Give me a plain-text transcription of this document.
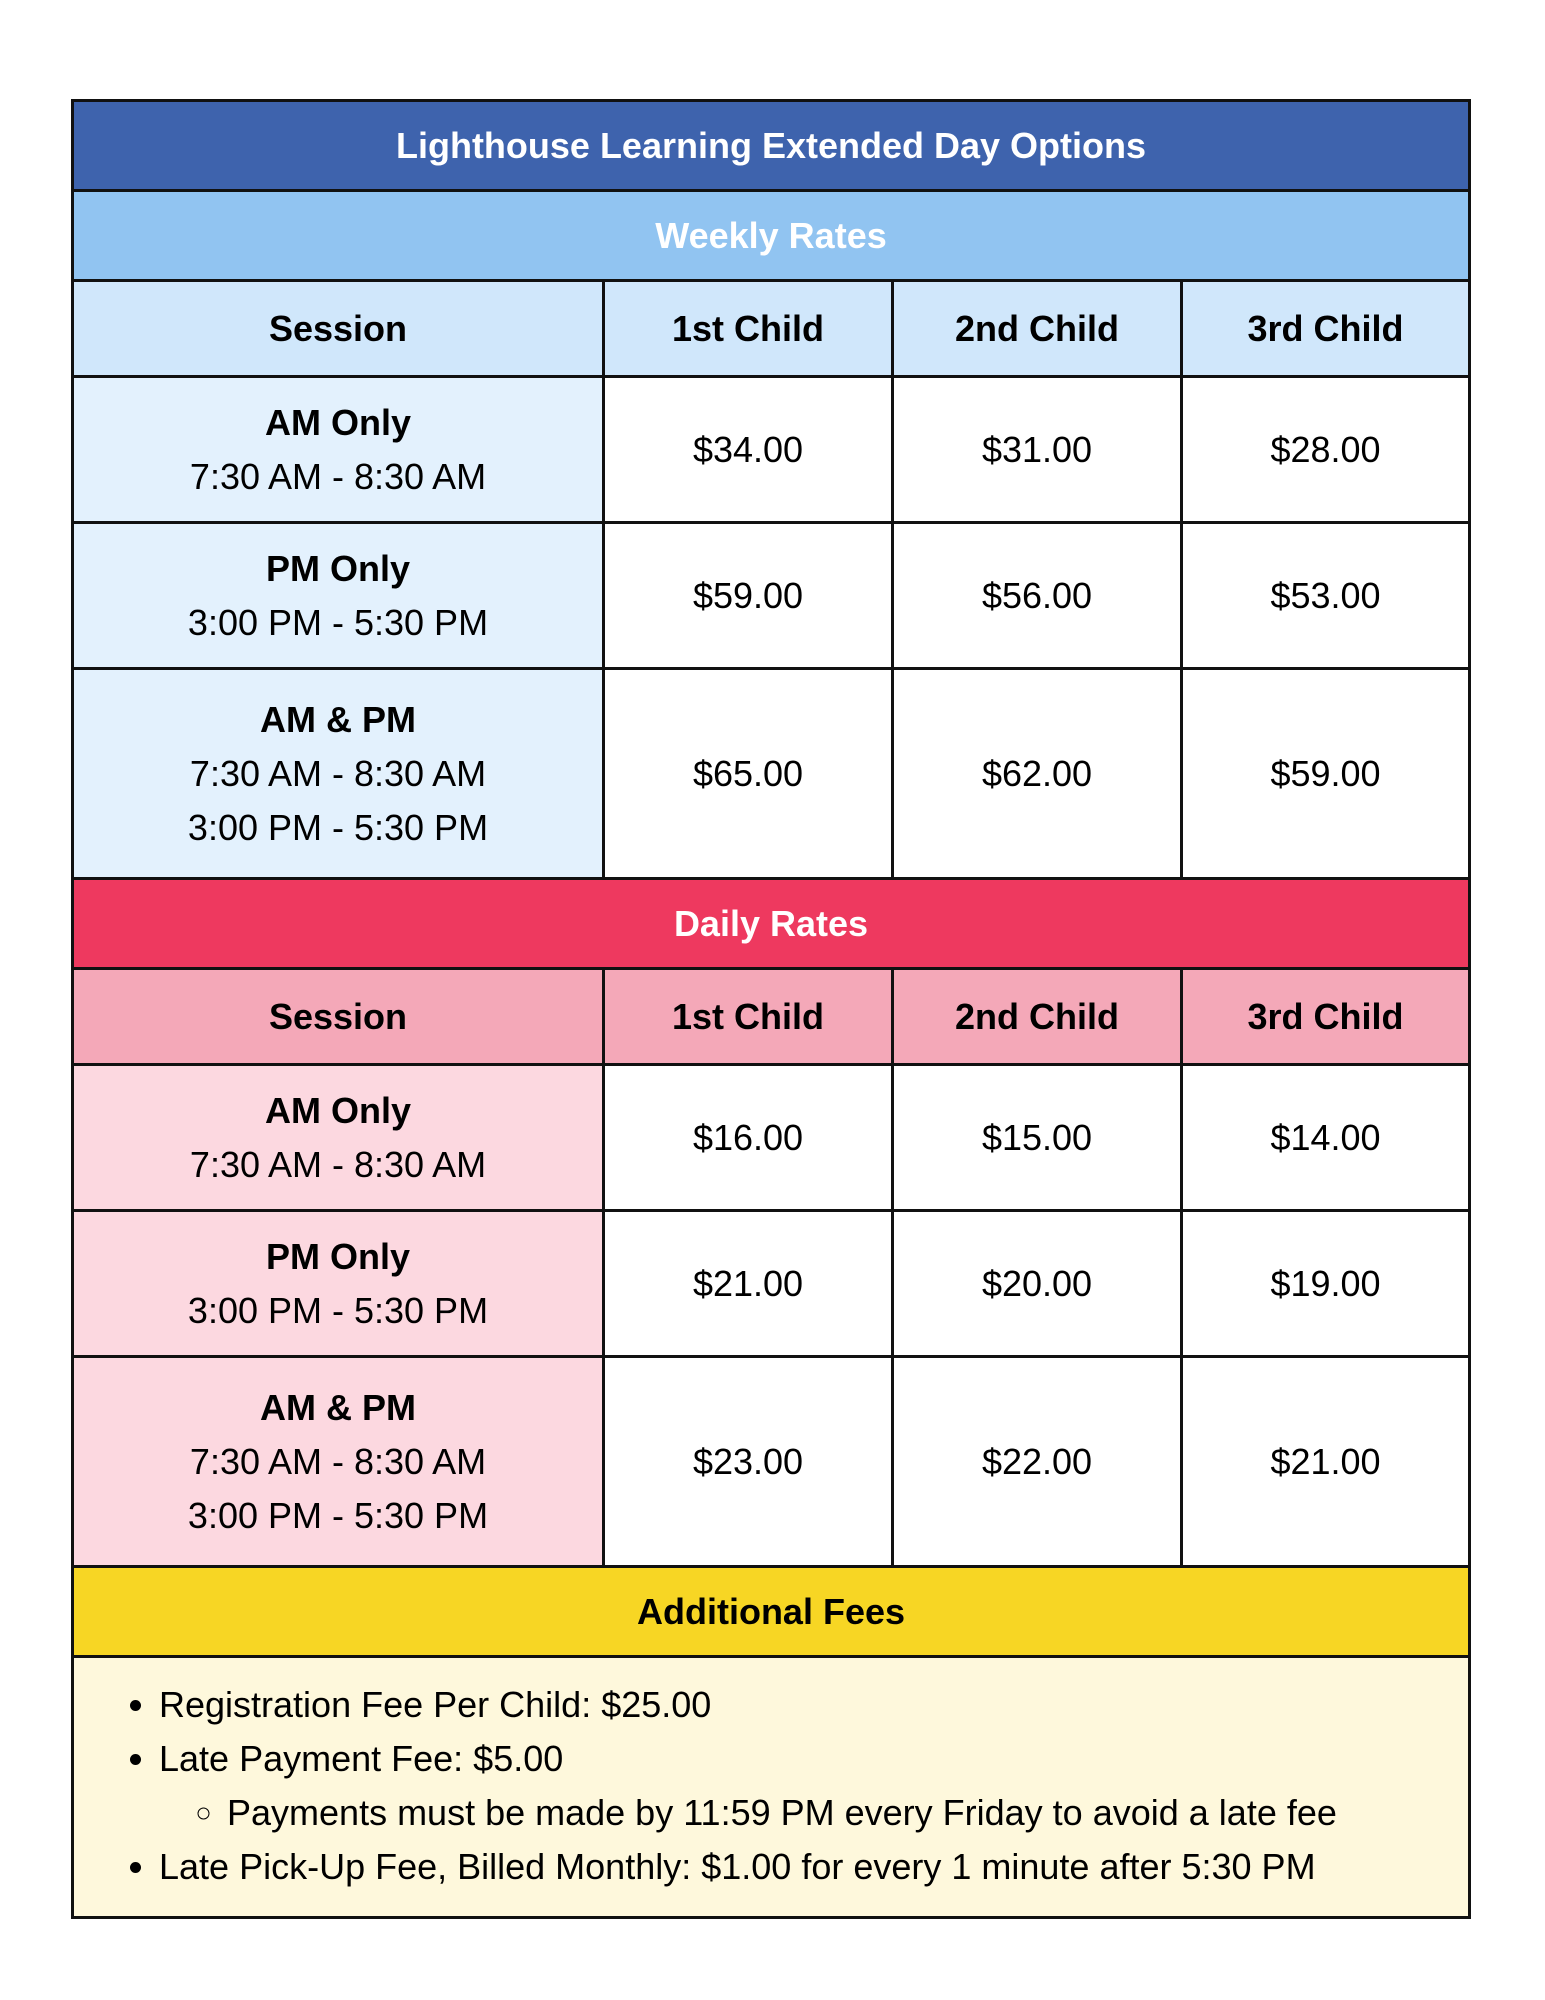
Lighthouse Learning Extended Day Options
Weekly Rates
Session	1st Child	2nd Child	3rd Child
AM Only
7:30 AM - 8:30 AM
$34.00	$31.00	$28.00
PM Only
3:00 PM - 5:30 PM
$59.00	$56.00	$53.00
AM & PM
7:30 AM - 8:30 AM
3:00 PM - 5:30 PM
$65.00	$62.00	$59.00
Daily Rates
Session	1st Child	2nd Child	3rd Child
AM Only
7:30 AM - 8:30 AM
$16.00	$15.00	$14.00
PM Only
3:00 PM - 5:30 PM
$21.00	$20.00	$19.00
AM & PM
7:30 AM - 8:30 AM
3:00 PM - 5:30 PM
$23.00	$22.00	$21.00
Additional Fees
• Registration Fee Per Child: $25.00
• Late Payment Fee: $5.00
◦ Payments must be made by 11:59 PM every Friday to avoid a late fee
• Late Pick-Up Fee, Billed Monthly: $1.00 for every 1 minute after 5:30 PM
